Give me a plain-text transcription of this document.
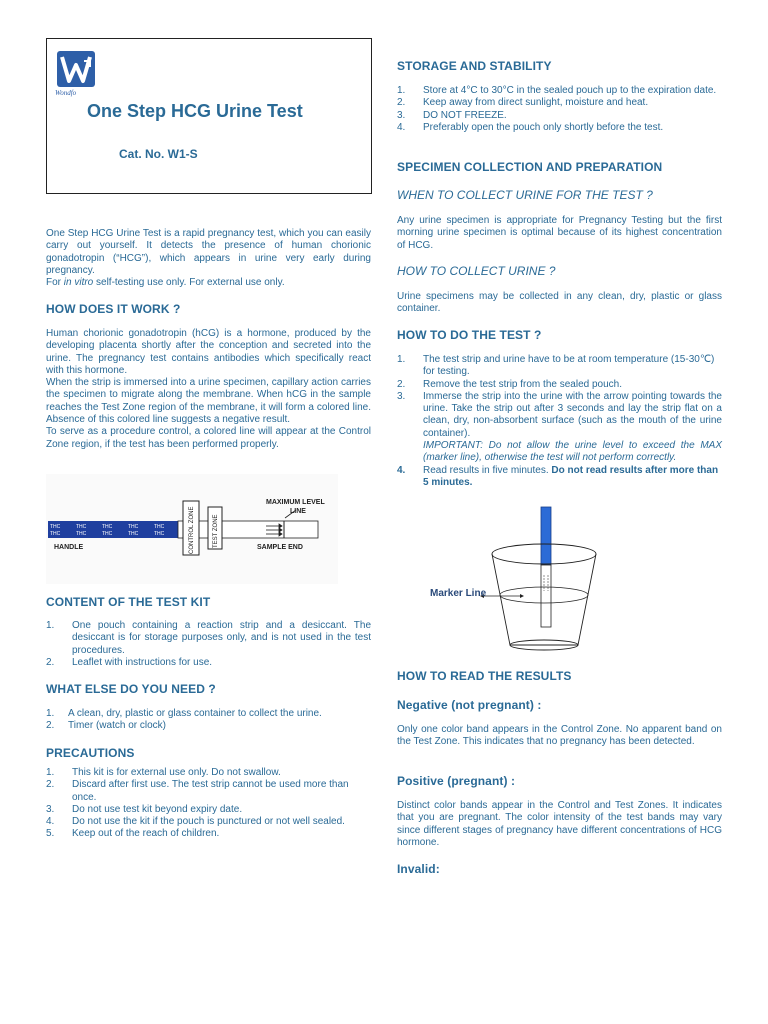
Wondfo
One Step HCG Urine Test
Cat. No. W1-S
One Step HCG Urine Test is a rapid pregnancy test, which you can easily carry out yourself. It detects the presence of human chorionic gonadotropin (“HCG”), which appears in urine very early during pregnancy.
For in vitro self-testing use only. For external use only.
HOW DOES IT WORK ?
Human chorionic gonadotropin (hCG) is a hormone, produced by the developing placenta shortly after the conception and secreted into the urine. The pregnancy test contains antibodies which specifically react with this hormone.
When the strip is immersed into a urine specimen, capillary action carries the specimen to migrate along the membrane. When hCG in the sample reaches the Test Zone region of the membrane, it will form a colored line. Absence of this colored line suggests a negative result.
To serve as a procedure control, a colored line will appear at the Control Zone region, if the test has been performed properly.
THC	THC	THC	THC	THC
THC	THC	THC	THC	THC	CONTROL ZONE	TEST ZONE
MAXIMUM LEVEL
LINE
HANDLE	SAMPLE END
CONTENT OF THE TEST KIT
1.	One pouch containing a reaction strip and a desiccant. The desiccant is for storage purposes only, and is not used in the test procedures.
2.	Leaflet with instructions for use.
WHAT ELSE DO YOU NEED ?
1.	A clean, dry, plastic or glass container to collect the urine.
2.	Timer (watch or clock)
PRECAUTIONS
1.	This kit is for external use only. Do not swallow.
2.	Discard after first use. The test strip cannot be used more than once.
3.	Do not use test kit beyond expiry date.
4.	Do not use the kit if the pouch is punctured or not well sealed.
5.	Keep out of the reach of children.
STORAGE AND STABILITY
1.	Store at 4°C to 30°C in the sealed pouch up to the expiration date.
2.	Keep away from direct sunlight, moisture and heat.
3.	DO NOT FREEZE.
4.	Preferably open the pouch only shortly before the test.
SPECIMEN COLLECTION AND PREPARATION
WHEN TO COLLECT URINE FOR THE TEST ?
Any urine specimen is appropriate for Pregnancy Testing but the first morning urine specimen is optimal because of its highest concentration of HCG.
HOW TO COLLECT URINE ?
Urine specimens may be collected in any clean, dry, plastic or glass container.
HOW TO DO THE TEST ?
1.	The test strip and urine have to be at room temperature (15-30℃) for testing.
2.	Remove the test strip from the sealed pouch.
3.	Immerse the strip into the urine with the arrow pointing towards the urine. Take the strip out after 3 seconds and lay the strip flat on a clean, dry, non-absorbent surface (such as the mouth of the urine container).
IMPORTANT: Do not allow the urine level to exceed the MAX (marker line), otherwise the test will not perform correctly.
4.	Read results in five minutes. Do not read results after more than 5 minutes.
Marker Line
HOW TO READ THE RESULTS
Negative (not pregnant) :
Only one color band appears in the Control Zone. No apparent band on the Test Zone. This indicates that no pregnancy has been detected.
Positive (pregnant) :
Distinct color bands appear in the Control and Test Zones. It indicates that you are pregnant. The color intensity of the test bands may vary since different stages of pregnancy have different concentrations of HCG hormone.
Invalid:
